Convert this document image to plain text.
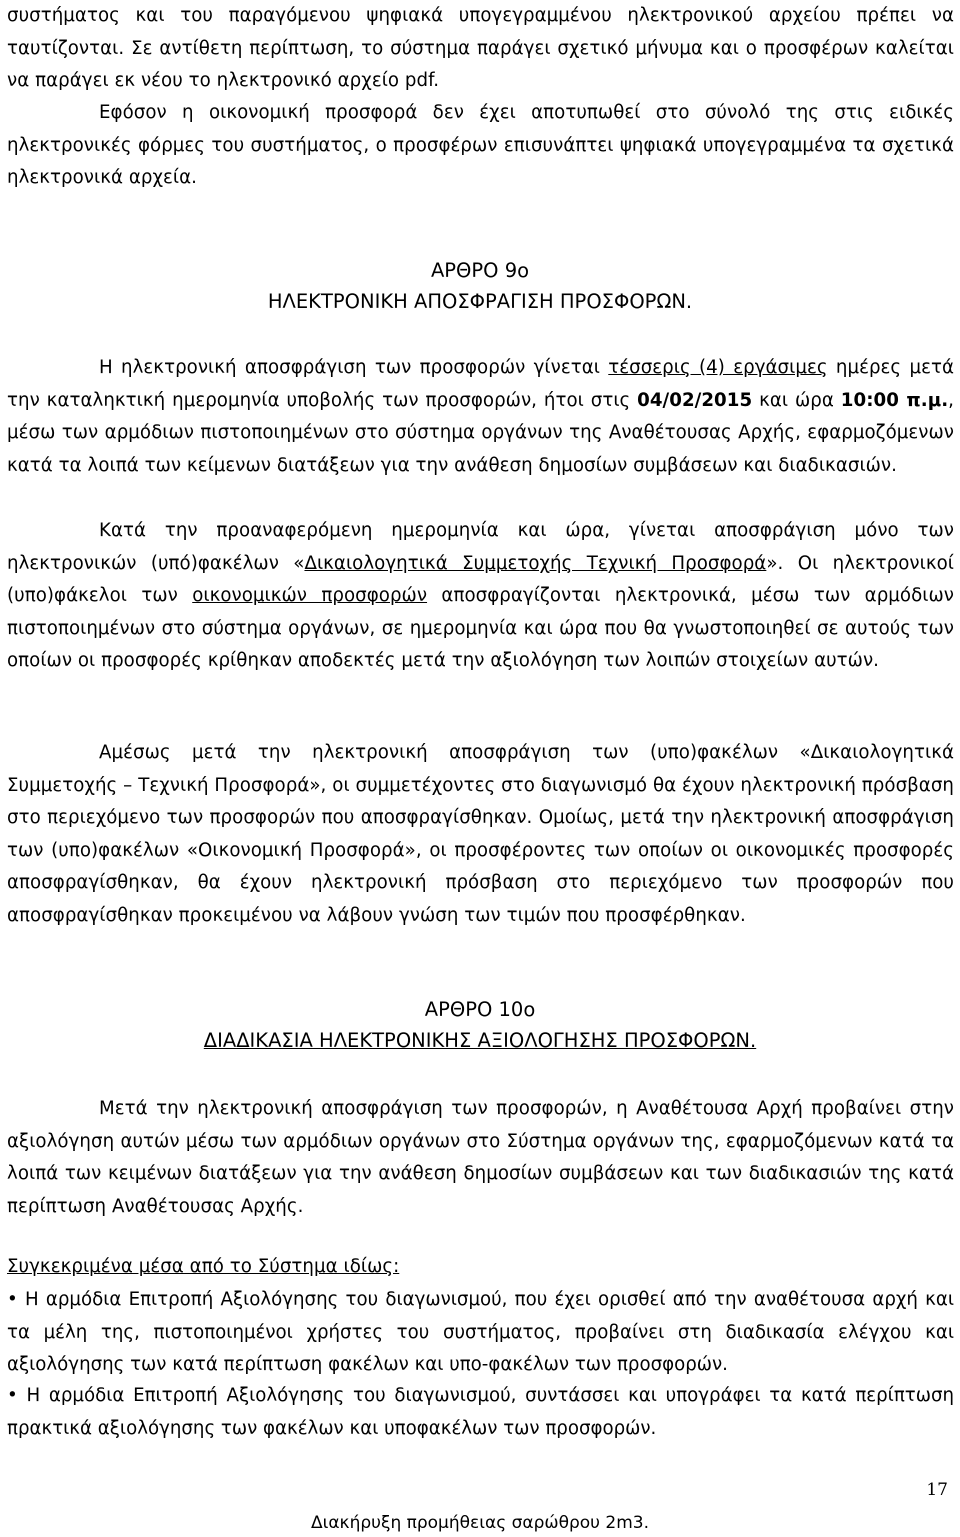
συστήματος και του παραγόμενου ψηφιακά υπογεγραμμένου ηλεκτρονικού αρχείου πρέπει να ταυτίζονται. Σε αντίθετη περίπτωση, το σύστημα παράγει σχετικό μήνυμα και ο προσφέρων καλείται να παράγει εκ νέου το ηλεκτρονικό αρχείο pdf.

Εφόσον η οικονομική προσφορά δεν έχει αποτυπωθεί στο σύνολό της στις ειδικές ηλεκτρονικές φόρμες του συστήματος, ο προσφέρων επισυνάπτει ψηφιακά υπογεγραμμένα τα σχετικά ηλεκτρονικά αρχεία.

ΑΡΘΡΟ 9ο
ΗΛΕΚΤΡΟΝΙΚΗ ΑΠΟΣΦΡΑΓΙΣΗ ΠΡΟΣΦΟΡΩΝ.

Η ηλεκτρονική αποσφράγιση των προσφορών γίνεται τέσσερις (4) εργάσιμες ημέρες μετά την καταληκτική ημερομηνία υποβολής των προσφορών, ήτοι στις 04/02/2015 και ώρα 10:00 π.μ., μέσω των αρμόδιων πιστοποιημένων στο σύστημα οργάνων της Αναθέτουσας Αρχής, εφαρμοζόμενων κατά τα λοιπά των κείμενων διατάξεων για την ανάθεση δημοσίων συμβάσεων και διαδικασιών.

Κατά την προαναφερόμενη ημερομηνία και ώρα, γίνεται αποσφράγιση μόνο των ηλεκτρονικών (υπό)φακέλων «Δικαιολογητικά Συμμετοχής Τεχνική Προσφορά». Οι ηλεκτρονικοί (υπο)φάκελοι των οικονομικών προσφορών αποσφραγίζονται ηλεκτρονικά, μέσω των αρμόδιων πιστοποιημένων στο σύστημα οργάνων, σε ημερομηνία και ώρα που θα γνωστοποιηθεί σε αυτούς των οποίων οι προσφορές κρίθηκαν αποδεκτές μετά την αξιολόγηση των λοιπών στοιχείων αυτών.

Αμέσως μετά την ηλεκτρονική αποσφράγιση των (υπο)φακέλων «Δικαιολογητικά Συμμετοχής – Τεχνική Προσφορά», οι συμμετέχοντες στο διαγωνισμό θα έχουν ηλεκτρονική πρόσβαση στο περιεχόμενο των προσφορών που αποσφραγίσθηκαν. Ομοίως, μετά την ηλεκτρονική αποσφράγιση των (υπο)φακέλων «Οικονομική Προσφορά», οι προσφέροντες των οποίων οι οικονομικές προσφορές αποσφραγίσθηκαν, θα έχουν ηλεκτρονική πρόσβαση στο περιεχόμενο των προσφορών που αποσφραγίσθηκαν προκειμένου να λάβουν γνώση των τιμών που προσφέρθηκαν.

ΑΡΘΡΟ 10ο
ΔΙΑΔΙΚΑΣΙΑ ΗΛΕΚΤΡΟΝΙΚΗΣ ΑΞΙΟΛΟΓΗΣΗΣ ΠΡΟΣΦΟΡΩΝ.

Μετά την ηλεκτρονική αποσφράγιση των προσφορών, η Αναθέτουσα Αρχή προβαίνει στην αξιολόγηση αυτών μέσω των αρμόδιων οργάνων στο Σύστημα οργάνων της, εφαρμοζόμενων κατά τα λοιπά των κειμένων διατάξεων για την ανάθεση δημοσίων συμβάσεων και των διαδικασιών της κατά περίπτωση Αναθέτουσας Αρχής.

Συγκεκριμένα μέσα από το Σύστημα ιδίως:

• Η αρμόδια Επιτροπή Αξιολόγησης του διαγωνισμού, που έχει ορισθεί από την αναθέτουσα αρχή και τα μέλη της, πιστοποιημένοι χρήστες του συστήματος, προβαίνει στη διαδικασία ελέγχου και αξιολόγησης των κατά περίπτωση φακέλων και υπο-φακέλων των προσφορών.

• Η αρμόδια Επιτροπή Αξιολόγησης του διαγωνισμού, συντάσσει και υπογράφει τα κατά περίπτωση πρακτικά αξιολόγησης των φακέλων και υποφακέλων των προσφορών.

17
Διακήρυξη προμήθειας σαρώθρου 2m3.
